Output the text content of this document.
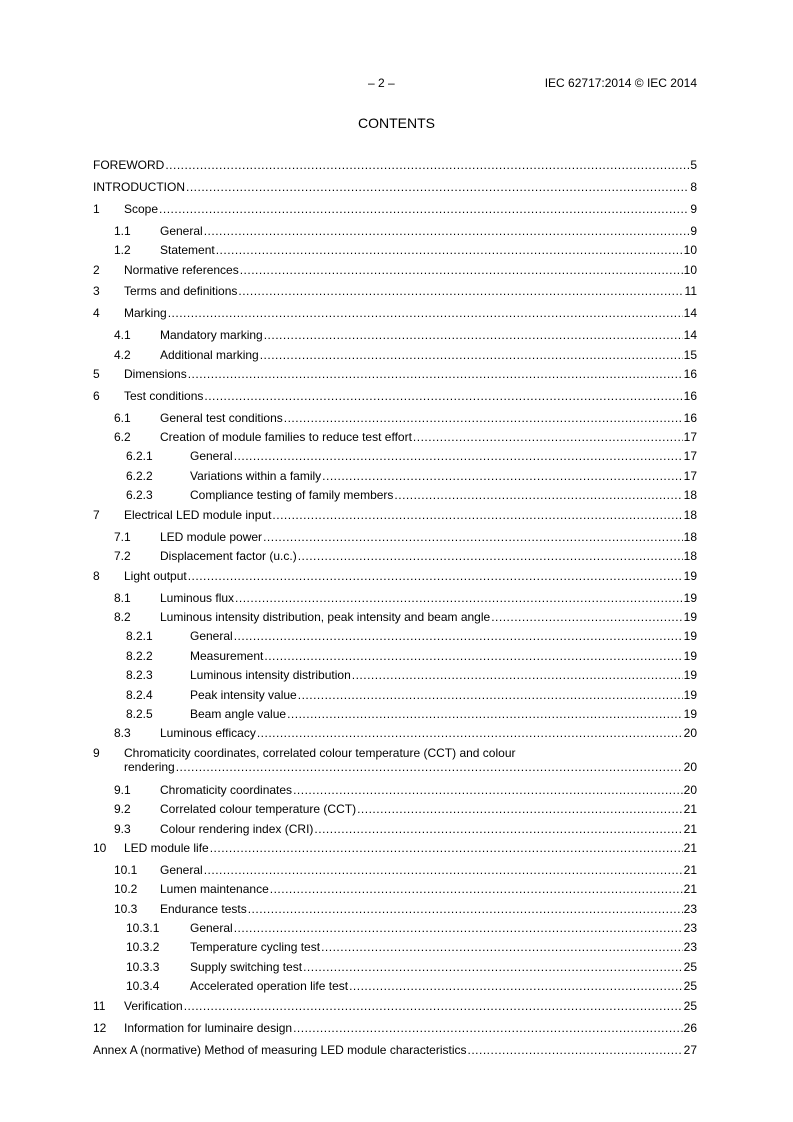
– 2 –	IEC 62717:2014 © IEC 2014
CONTENTS
FOREWORD .....	5
INTRODUCTION .....	8
1 Scope .....	9
1.1 General .....	9
1.2 Statement .....	10
2 Normative references .....	10
3 Terms and definitions .....	11
4 Marking .....	14
4.1 Mandatory marking .....	14
4.2 Additional marking .....	15
5 Dimensions .....	16
6 Test conditions .....	16
6.1 General test conditions .....	16
6.2 Creation of module families to reduce test effort .....	17
6.2.1	General .....	17
6.2.2	Variations within a family .....	17
6.2.3	Compliance testing of family members .....	18
7 Electrical LED module input .....	18
7.1 LED module power .....	18
7.2 Displacement factor (u.c.) .....	18
8 Light output .....	19
8.1 Luminous flux .....	19
8.2 Luminous intensity distribution, peak intensity and beam angle .....	19
8.2.1	General .....	19
8.2.2	Measurement .....	19
8.2.3	Luminous intensity distribution .....	19
8.2.4	Peak intensity value .....	19
8.2.5	Beam angle value .....	19
8.3 Luminous efficacy .....	20
9 Chromaticity coordinates, correlated colour temperature (CCT) and colour
rendering .....	20
9.1 Chromaticity coordinates .....	20
9.2 Correlated colour temperature (CCT) .....	21
9.3 Colour rendering index (CRI) .....	21
10 LED module life .....	21
10.1 General .....	21
10.2 Lumen maintenance .....	21
10.3 Endurance tests .....	23
10.3.1	General .....	23
10.3.2	Temperature cycling test .....	23
10.3.3	Supply switching test .....	25
10.3.4	Accelerated operation life test .....	25
11 Verification .....	25
12 Information for luminaire design .....	26
Annex A (normative) Method of measuring LED module characteristics .....	27
